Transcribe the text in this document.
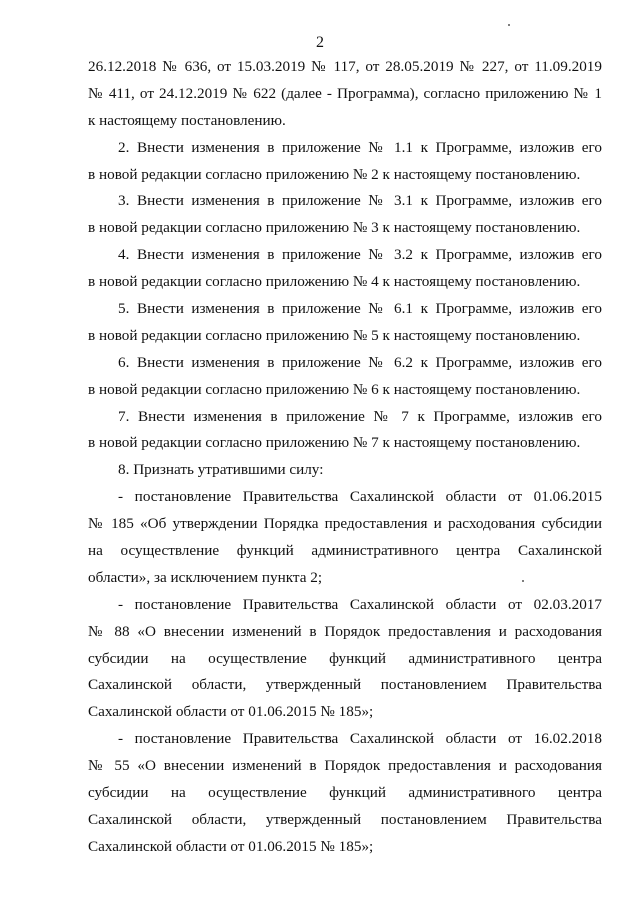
2
26.12.2018 № 636, от 15.03.2019 № 117, от 28.05.2019 № 227, от 11.09.2019
№ 411, от 24.12.2019 № 622 (далее - Программа), согласно приложению № 1
к настоящему постановлению.
2. Внести изменения в приложение № 1.1 к Программе, изложив его
в новой редакции согласно приложению № 2 к настоящему постановлению.
3. Внести изменения в приложение № 3.1 к Программе, изложив его
в новой редакции согласно приложению № 3 к настоящему постановлению.
4. Внести изменения в приложение № 3.2 к Программе, изложив его
в новой редакции согласно приложению № 4 к настоящему постановлению.
5. Внести изменения в приложение № 6.1 к Программе, изложив его
в новой редакции согласно приложению № 5 к настоящему постановлению.
6. Внести изменения в приложение № 6.2 к Программе, изложив его
в новой редакции согласно приложению № 6 к настоящему постановлению.
7. Внести изменения в приложение № 7 к Программе, изложив его
в новой редакции согласно приложению № 7 к настоящему постановлению.
8. Признать утратившими силу:
- постановление Правительства Сахалинской области от 01.06.2015
№ 185 «Об утверждении Порядка предоставления и расходования субсидии
на осуществление функций административного центра Сахалинской
области», за исключением пункта 2;
- постановление Правительства Сахалинской области от 02.03.2017
№ 88 «О внесении изменений в Порядок предоставления и расходования
субсидии на осуществление функций административного центра
Сахалинской области, утвержденный постановлением Правительства
Сахалинской области от 01.06.2015 № 185»;
- постановление Правительства Сахалинской области от 16.02.2018
№ 55 «О внесении изменений в Порядок предоставления и расходования
субсидии на осуществление функций административного центра
Сахалинской области, утвержденный постановлением Правительства
Сахалинской области от 01.06.2015 № 185»;
